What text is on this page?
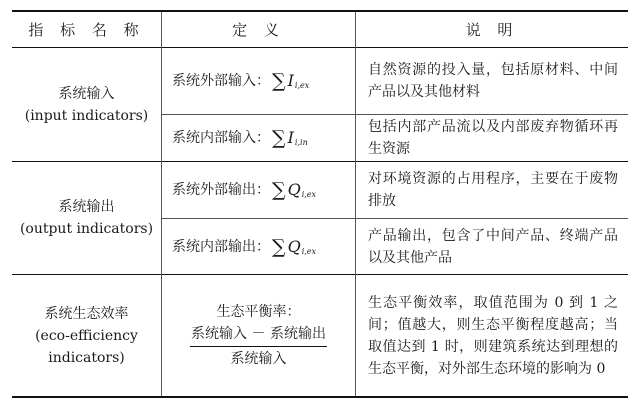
指 标 名 称	定 义	说 明
系统输入
(input indicators)
系统外部输入： ∑ I i,ex
自然资源的投入量，包括原材料、中间产品以及其他材料
系统内部输入： ∑ I i,in
包括内部产品流以及内部废弃物循环再生资源
系统输出
(output indicators)
系统外部输出： ∑ Q i,ex
对环境资源的占用程序，主要在于废物排放
系统内部输出： ∑ Q i,ex
产品输出，包含了中间产品、终端产品以及其他产品
系统生态效率
(eco-efficiency
indicators)
生态平衡率：
$\frac{\text{系统输入 － 系统输出}}{\text{系统输入}}$
生态平衡效率，取值范围为 0 到 1 之间；值越大，则生态平衡程度越高；当取值达到 1 时，则建筑系统达到理想的生态平衡，对外部生态环境的影响为 0
